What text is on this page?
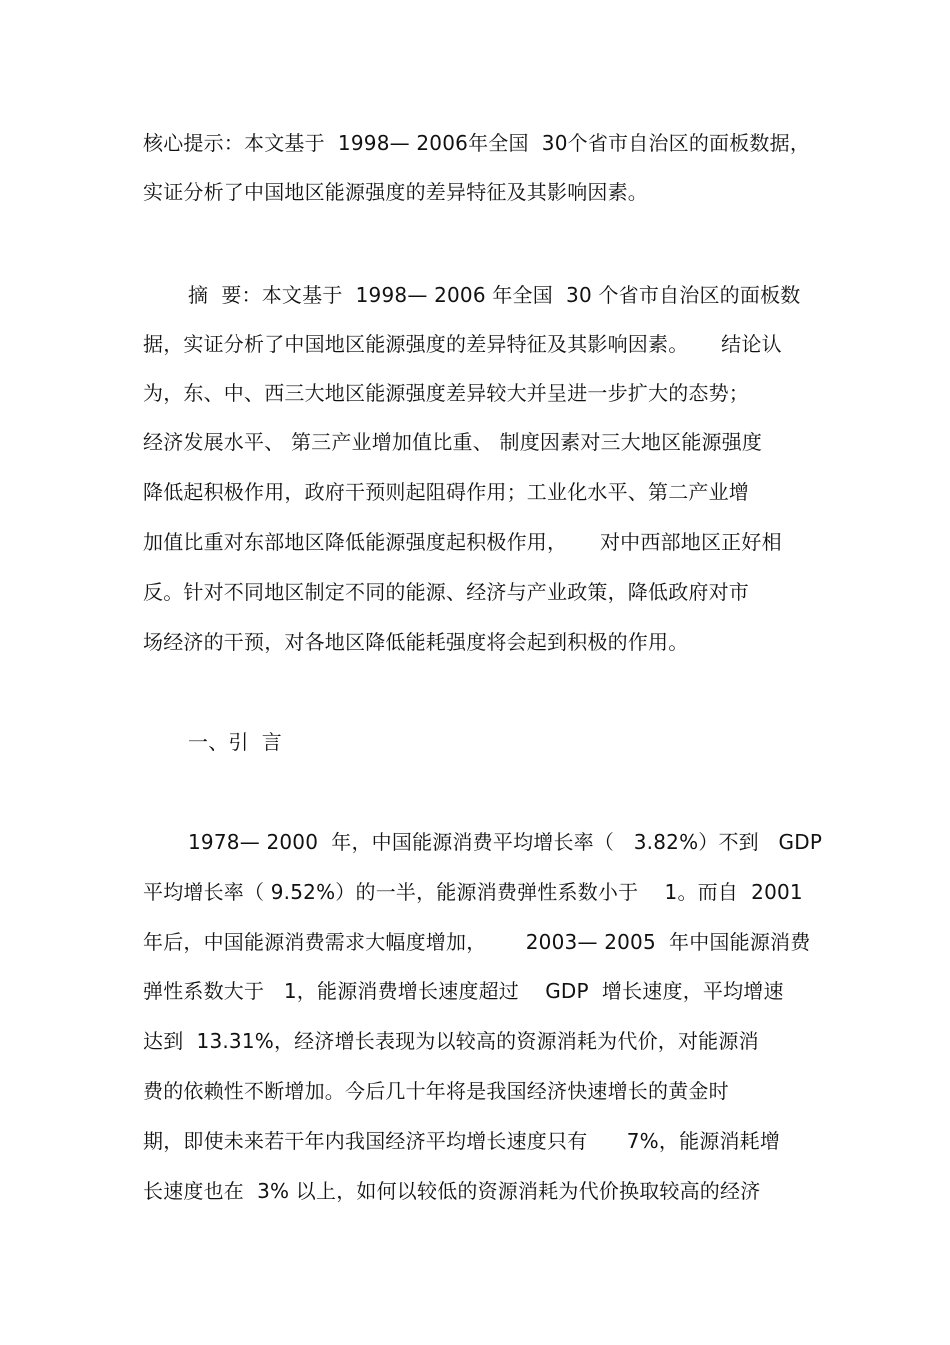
核心提示：本文基于  1998— 2006年全国  30个省市自治区的面板数据，
实证分析了中国地区能源强度的差异特征及其影响因素。
摘  要：本文基于  1998— 2006 年全国  30 个省市自治区的面板数
据，实证分析了中国地区能源强度的差异特征及其影响因素。     结论认
为，东、中、西三大地区能源强度差异较大并呈进一步扩大的态势；
经济发展水平、 第三产业增加值比重、 制度因素对三大地区能源强度
降低起积极作用，政府干预则起阻碍作用；工业化水平、第二产业增
加值比重对东部地区降低能源强度起积极作用，     对中西部地区正好相
反。针对不同地区制定不同的能源、经济与产业政策，降低政府对市
场经济的干预，对各地区降低能耗强度将会起到积极的作用。
一、引  言
1978— 2000  年，中国能源消费平均增长率（   3.82%）不到   GDP
平均增长率（ 9.52%）的一半，能源消费弹性系数小于    1。而自  2001
年后，中国能源消费需求大幅度增加，      2003— 2005  年中国能源消费
弹性系数大于   1，能源消费增长速度超过    GDP  增长速度，平均增速
达到  13.31%，经济增长表现为以较高的资源消耗为代价，对能源消
费的依赖性不断增加。今后几十年将是我国经济快速增长的黄金时
期，即使未来若干年内我国经济平均增长速度只有      7%，能源消耗增
长速度也在  3% 以上，如何以较低的资源消耗为代价换取较高的经济
